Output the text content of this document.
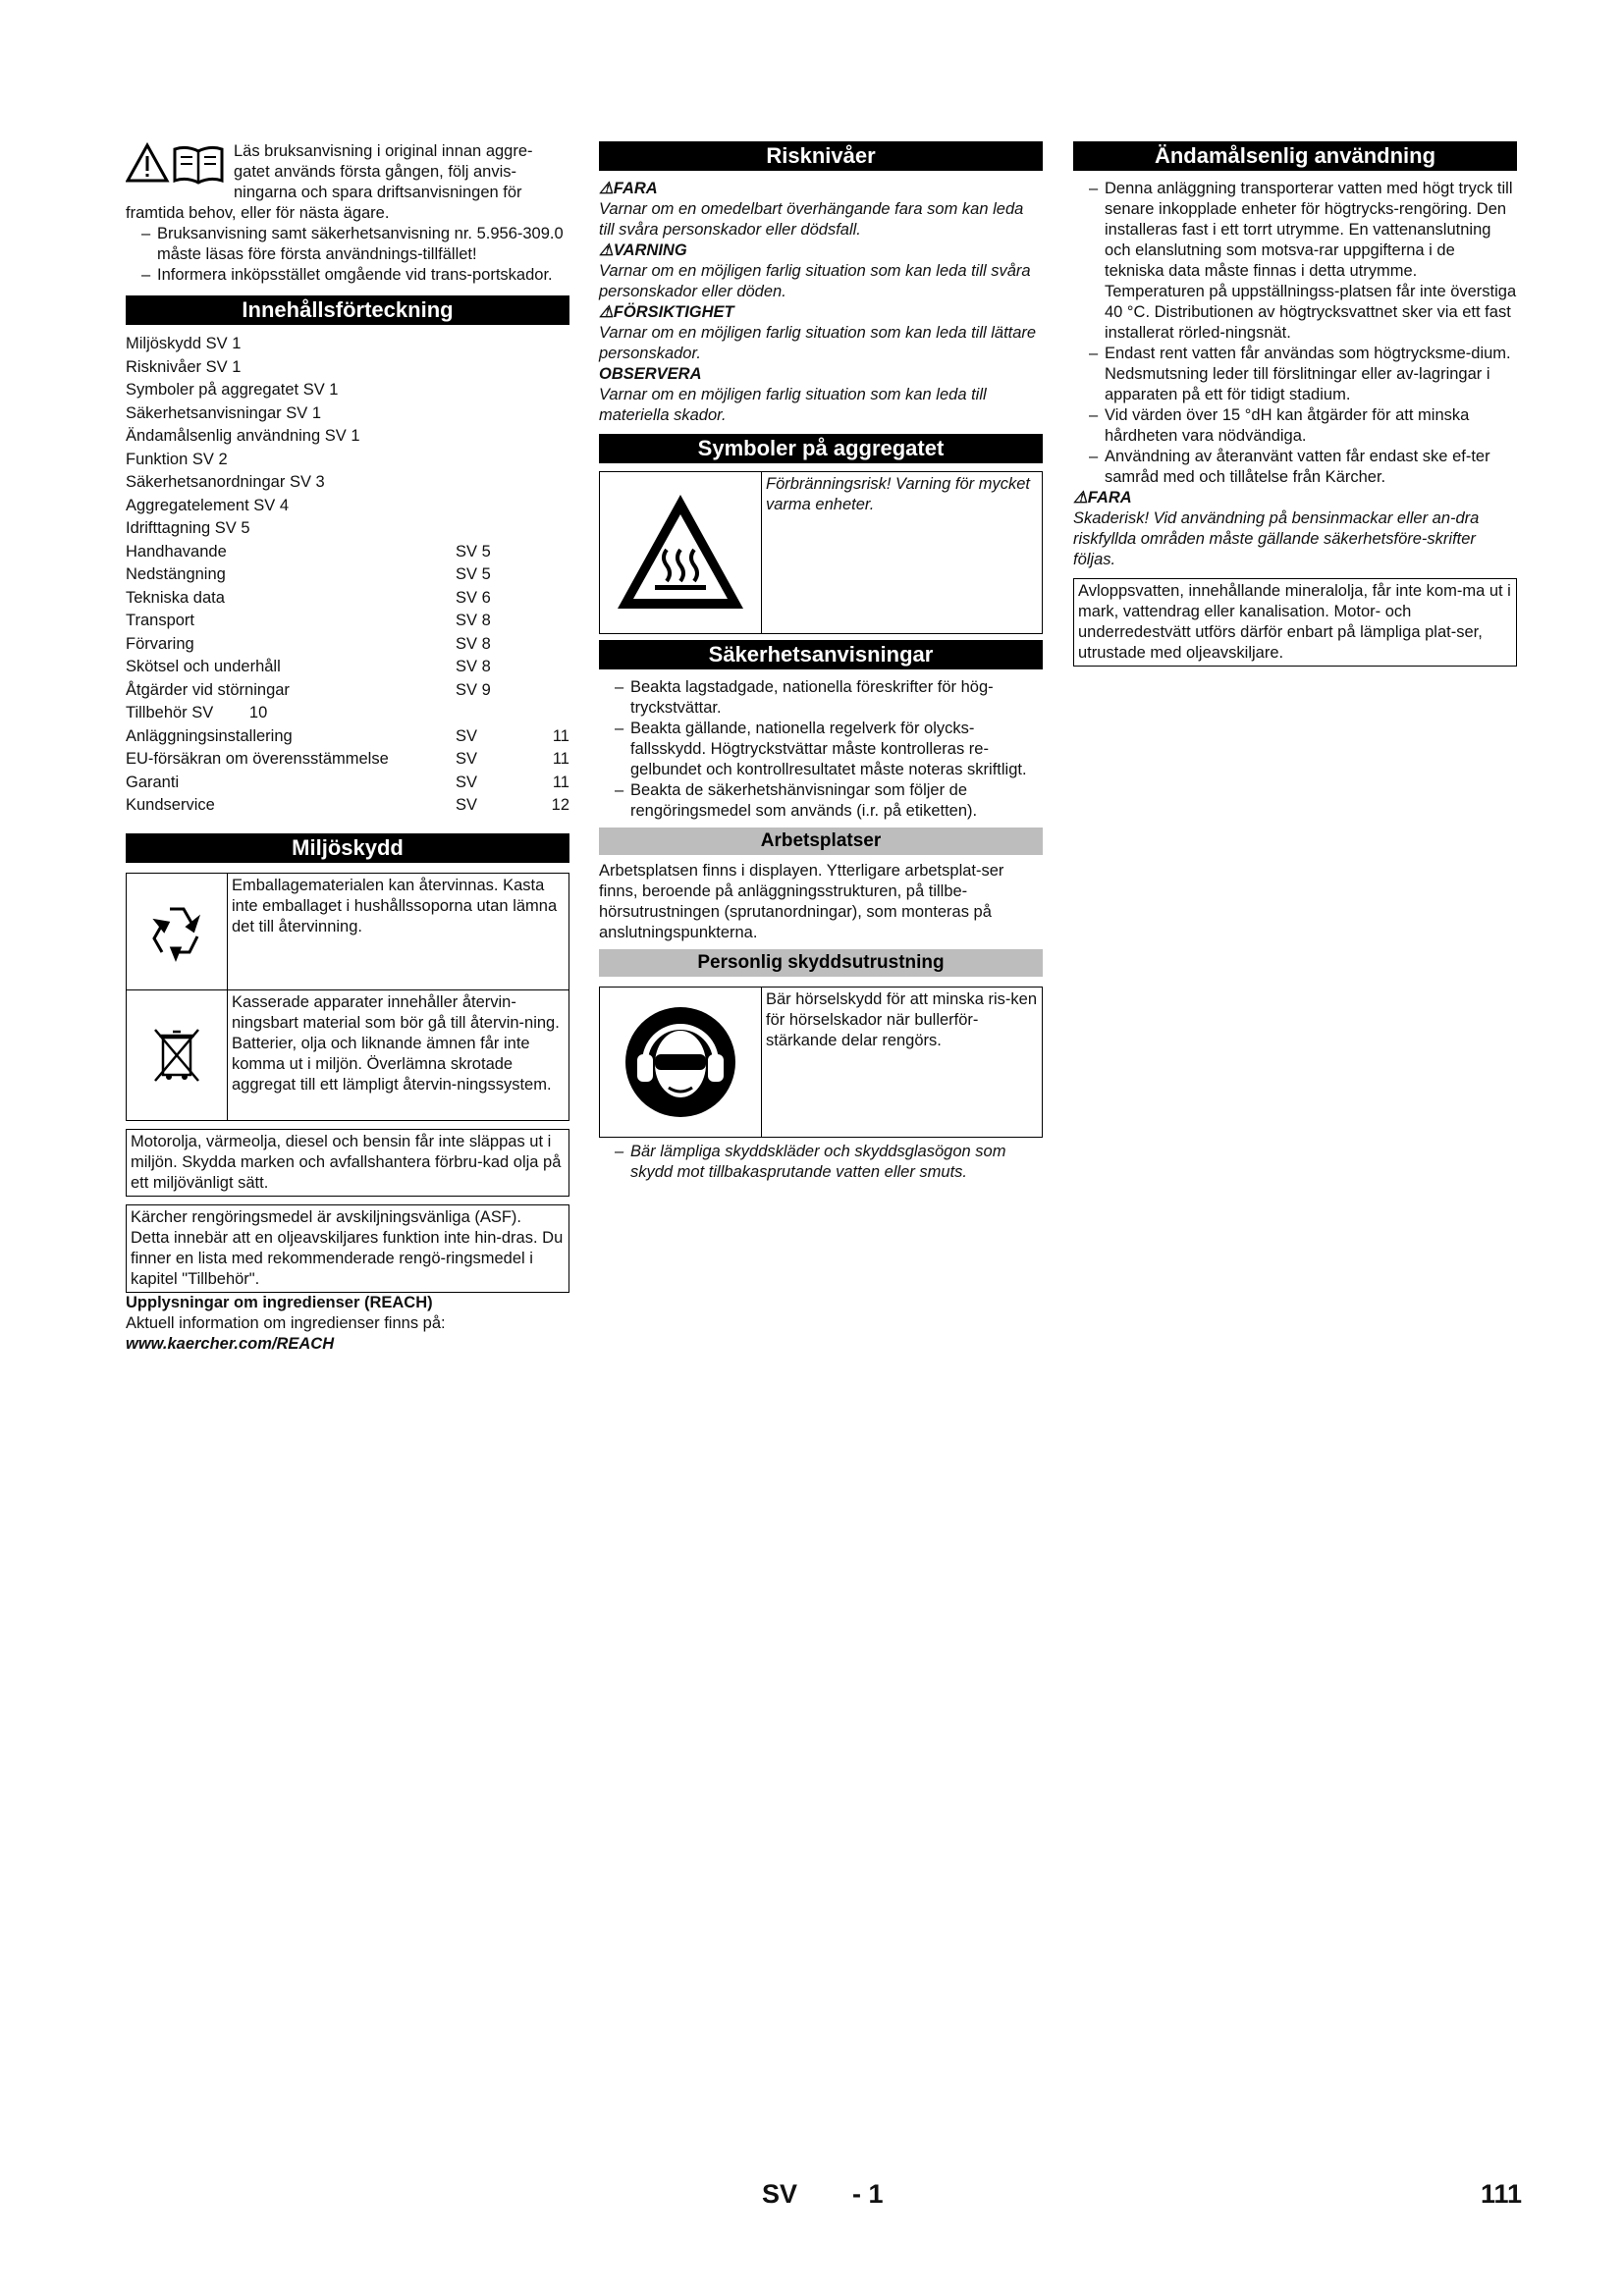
Läs bruksanvisning i original innan aggre-

gatet används första gången, följ anvis-

ningarna och spara driftsanvisningen för

framtida behov, eller för nästa ägare.

– Bruksanvisning samt säkerhetsanvisning nr. 5.956-309.0 måste läsas före första användnings-tillfället!

– Informera inköpsstället omgående vid trans-portskador.

Innehållsförteckning
Miljöskydd SV 1
Risknivåer SV 1
Symboler på aggregatet SV 1
Säkerhetsanvisningar SV 1
Ändamålsenlig användning SV 1
Funktion SV 2
Säkerhetsanordningar SV 3
Aggregatelement SV 4
Idrifttagning SV 5
Handhavande	SV 5
Nedstängning	SV 5
Tekniska data	SV 6
Transport	SV 8
Förvaring	SV 8
Skötsel och underhåll	SV 8
Åtgärder vid störningar	SV 9
Tillbehör SV        10
Anläggningsinstallering	SV	11
EU-försäkran om överensstämmelse	SV	11
Garanti	SV	11
Kundservice	SV	12
Miljöskydd
Emballagematerialen kan återvinnas. Kasta inte emballaget i hushållssoporna utan lämna det till återvinning.
Kasserade apparater innehåller återvin-ningsbart material som bör gå till återvin-ning. Batterier, olja och liknande ämnen får inte komma ut i miljön. Överlämna skrotade aggregat till ett lämpligt återvin-ningssystem.
Motorolja, värmeolja, diesel och bensin får inte släppas ut i miljön. Skydda marken och avfallshantera förbru-kad olja på ett miljövänligt sätt.
Kärcher rengöringsmedel är avskiljningsvänliga (ASF). Detta innebär att en oljeavskiljares funktion inte hin-dras. Du finner en lista med rekommenderade rengö-ringsmedel i kapitel "Tillbehör".

Upplysningar om ingredienser (REACH)

Aktuell information om ingredienser finns på:

www.kaercher.com/REACH

Risknivåer

⚠FARA

Varnar om en omedelbart överhängande fara som kan leda till svåra personskador eller dödsfall.

⚠VARNING

Varnar om en möjligen farlig situation som kan leda till svåra personskador eller döden.

⚠FÖRSIKTIGHET

Varnar om en möjligen farlig situation som kan leda till lättare personskador.

OBSERVERA

Varnar om en möjligen farlig situation som kan leda till materiella skador.

Symboler på aggregatet
Förbränningsrisk! Varning för mycket varma enheter.
Säkerhetsanvisningar

– Beakta lagstadgade, nationella föreskrifter för hög-tryckstvättar.

– Beakta gällande, nationella regelverk för olycks-fallsskydd. Högtryckstvättar måste kontrolleras re-gelbundet och kontrollresultatet måste noteras skriftligt.

– Beakta de säkerhetshänvisningar som följer de rengöringsmedel som används (i.r. på etiketten).

Arbetsplatser

Arbetsplatsen finns i displayen. Ytterligare arbetsplat-ser finns, beroende på anläggningsstrukturen, på tillbe-hörsutrustningen (sprutanordningar), som monteras på anslutningspunkterna.

Personlig skyddsutrustning
Bär hörselskydd för att minska ris-ken för hörselskador när bullerför-stärkande delar rengörs.

– Bär lämpliga skyddskläder och skyddsglasögon som skydd mot tillbakasprutande vatten eller smuts.

Ändamålsenlig användning

– Denna anläggning transporterar vatten med högt tryck till senare inkopplade enheter för högtrycks-rengöring. Den installeras fast i ett torrt utrymme. En vattenanslutning och elanslutning som motsva-rar uppgifterna i de tekniska data måste finnas i detta utrymme. Temperaturen på uppställningss-platsen får inte överstiga 40 °C. Distributionen av högtrycksvattnet sker via ett fast installerat rörled-ningsnät.

– Endast rent vatten får användas som högtrycksme-dium. Nedsmutsning leder till förslitningar eller av-lagringar i apparaten på ett för tidigt stadium.

– Vid värden över 15 °dH kan åtgärder för att minska hårdheten vara nödvändiga.

– Användning av återanvänt vatten får endast ske ef-ter samråd med och tillåtelse från Kärcher.

⚠FARA

Skaderisk! Vid användning på bensinmackar eller an-dra riskfyllda områden måste gällande säkerhetsföre-skrifter följas.

Avloppsvatten, innehållande mineralolja, får inte kom-ma ut i mark, vattendrag eller kanalisation. Motor- och underredestvätt utförs därför enbart på lämpliga plat-ser, utrustade med oljeavskiljare.
SV - 1	111
